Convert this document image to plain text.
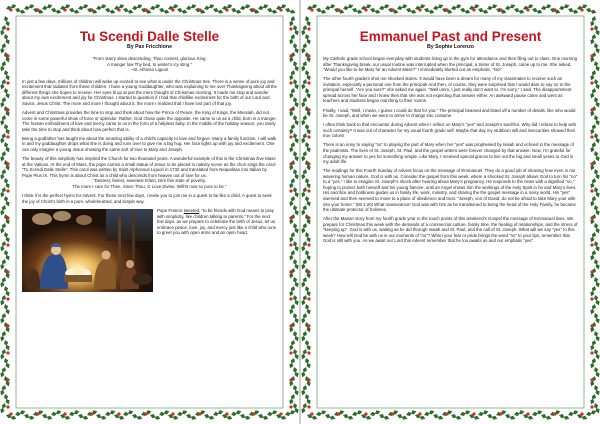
Tu Scendi Dalle Stelle
By Pax Fricchione

“From starry skies descending, Thou comest, glorious King,

A manger low Thy bed, In winter’s icy sting.”

~St. Alfonso Liguori

In just a few days, millions of children will wake up excited to see what is under the Christmas tree. There is a sense of pure joy and excitement that radiates from these children. I have a young Goddaughter, who was explaining to me over Thanksgiving about all the different things she hopes to receive. Her eyes lit up at just the mere thought of Christmas morning. It made me stop and wonder about my own excitement and joy for Christmas. I started to question if I had that childlike excitement for the birth of our Lord and Savior, Jesus Christ. The more and more I thought about it, the more I realized that I have lost part of that joy.

Advent and Christmas provides the time to stop and think about how the Prince of Peace, the King of Kings, the Messiah, did not come in some powerful show of force or splendor. Rather, God chose quite the opposite. He came to us as a child, born in a manger. The human embodiment of love and mercy came to us in the form of a helpless baby. In the middle of the holiday season, you rarely take the time to stop and think about how perfect that is.

Being a godfather has taught me about the amazing ability of a child’s capacity to love and forgive. Many a family function, I will walk in and my goddaughter drops what she is doing and runs over to give me a big hug. Her face lights up with joy and excitement. One can only imagine a young Jesus showing the same sort of love to Mary and Joseph.

The beauty of this simplicity has inspired the Church for two thousand years. A wonderful example of this is the Christmas Eve Mass at the Vatican. At the end of Mass, the pope carries a small statue of Jesus to be placed in nativity scene as the choir sings the carol “Tu Scendi Dalle Stelle”. This carol was written by Saint Alphonsus Liguori in 1732 and translated from Neapolitan into Italian by Pope Pius IX. This hymn is about Christ as a child who descends from heaven out of love for us.

“Dearest, fairest, sweetest Infant, Dire this state of poverty.

The more I care for Thee, Since Thou, O Love Divine, Will’st now so poor to be.”

I think it is the perfect hymn for Advent. For these next few days, I invite you to join me in a quest to be like a child. A quest to seek the joy of Christ’s birth in a pure, wholehearted, and simple way.

Pope Francis tweeted, “to be friends with God means to pray with simplicity, like children talking to parents.” For the next few days, as we prepare to celebrate the birth of Jesus, let us embrace peace, love, joy, and mercy just like a child who runs to greet you with open arms and an open heart.

Emmanuel Past and Present
By Sophie Lorenzo

My Catholic grade school began everyday with students lining up in the gym for attendance and then filing out to class. One morning after Thanksgiving break, our usual routine was interrupted when the principal, a Sister of St. Joseph, came up to me. She asked, “Would you like to be Mary for an Advent Mass?” I immediately blurted out an emphatic, “No!”

The other fourth graders shot me shocked stares. It would have been a dream for many of my classmates to receive such an invitation, especially a personal one from the principal! And then, of course, they were surprised that I would dare to say no to the principal herself. “Are you sure?” she asked me again. “Well umm, I just really don’t want to. I’m sorry,” I said. The disappointment spread across her face and I knew then that she was not expecting that answer either. An awkward pause came and went as teachers and students began marching to their rooms.

Finally, I said, “Well, I mean, I guess I could do that for you.” The principal beamed and listed off a number of details, like who would be St. Joseph, and when we were to arrive to change into costume.

I often think back to that encounter during Advent when I reflect on Mary’s “yes” and Joseph’s sacrifice. Why did I refuse to help with such certainty? It was out of character for my usual fourth grade self. Maybe that day my stubborn will and insecurities showed their true colors!

There is an irony to saying “no” to playing the part of Mary when her “yes” was prophesied by Isaiah and echoed in the message of the psalmists. The lives of St. Joseph, St. Paul, and the gospel writers were forever changed by that answer. Now, I’m grateful for changing my answer to yes for something simple. Like Mary, I received special graces to live out the big and small yeses to God in my adult life.

The readings for this Fourth Sunday of Advent focus on the message of Emmanuel. They do a good job of showing how even in our wavering human nature, God is with us. Consider the gospel from this week, where a shocked St. Joseph allows God to turn his “no” to a “yes.” I like to imagine St. Joseph’s shock after hearing about Mary’s pregnancy. He responds to the news with a dignified “no,” hoping to protect both himself and his young fiancee, until an Angel shows him the workings of the Holy Spirit in he and Mary’s lives. His sacrifice and holdiness guides us in family life, work, ministry, and sharing the the gospel message in a noisy world. His “yes” swerved and then seemed to move to a place of obedience and trust. “Joseph, son of David, do not be afraid to take Mary your wife into your home.” (Mt 1:20) What reassurance! God was with him as he transitioned to being the head of the Holy Family, he became the ultimate protector of holiness.

After the Marian story from my fourth grade year to the touch points of this weekend’s Gospel the message of Emmanuel lives. We prepare for Christmas this week with the demands of a commercial culture, family time, the healing of relationships, and the stress of “keeping up”. God is with us, waiting as he did through Isaiah and St. Paul, and the call of St. Joseph. What will we say “yes” to this week? How will God be with us in our moments of “no”? When your fear or pride brings the word “no” to your lips, remember that God is still with you. As we await our Lord this Advent remember that he too awaits us and our emphatic “yes”.
